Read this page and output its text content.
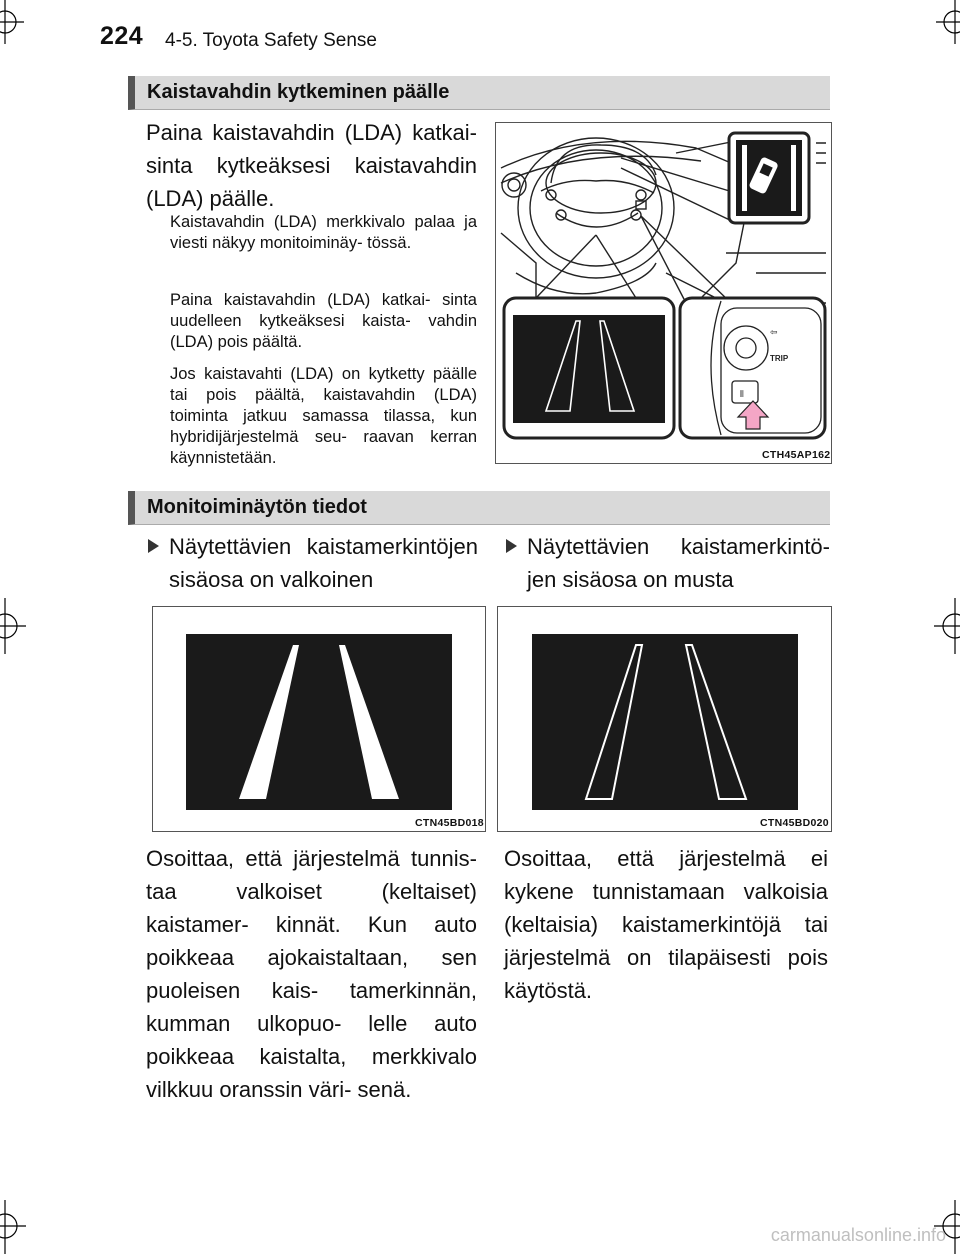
224 4-5. Toyota Safety Sense
Kaistavahdin kytkeminen päälle
Paina kaistavahdin (LDA) katkai- sinta kytkeäksesi kaistavahdin (LDA) päälle.
Kaistavahdin (LDA) merkkivalo palaa ja viesti näkyy monitoiminäy- tössä.
Paina kaistavahdin (LDA) katkai- sinta uudelleen kytkeäksesi kaista- vahdin (LDA) pois päältä.
Jos kaistavahti (LDA) on kytketty päälle tai pois päältä, kaistavahdin (LDA) toiminta jatkuu samassa tilassa, kun hybridijärjestelmä seu- raavan kerran käynnistetään.
⇦
TRIP
⫴
CTH45AP162
Monitoiminäytön tiedot
Näytettävien kaistamerkintöjen sisäosa on valkoinen
CTN45BD018
Osoittaa, että järjestelmä tunnis- taa valkoiset (keltaiset) kaistamer- kinnät. Kun auto poikkeaa ajokaistaltaan, sen puoleisen kais- tamerkinnän, kumman ulkopuo- lelle auto poikkeaa kaistalta, merkkivalo vilkkuu oranssin väri- senä.
Näytettävien kaistamerkintö- jen sisäosa on musta
CTN45BD020
Osoittaa, että järjestelmä ei kykene tunnistamaan valkoisia (keltaisia) kaistamerkintöjä tai järjestelmä on tilapäisesti pois käytöstä.
carmanualsonline.info
